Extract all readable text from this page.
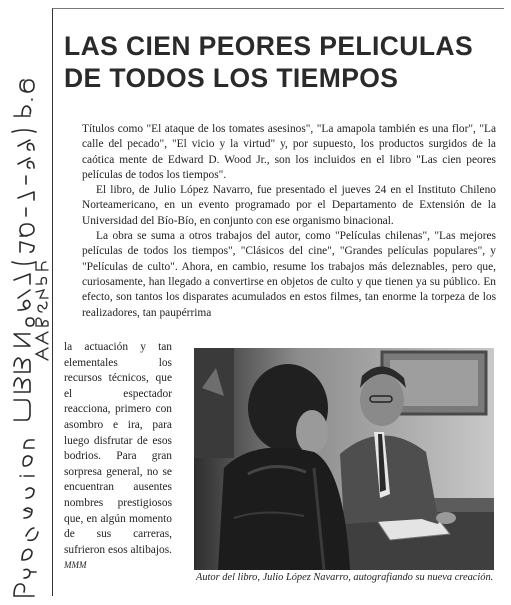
LAS CIEN PEORES PELICULAS
DE TODOS LOS TIEMPOS

Títulos como "El ataque de los tomates asesinos", "La amapola también es una flor", "La calle del pecado", "El vicio y la virtud" y, por supuesto, los productos surgidos de la caótica mente de Edward D. Wood Jr., son los incluidos en el libro "Las cien peores películas de todos los tiempos".

El libro, de Julio López Navarro, fue presentado el jueves 24 en el Instituto Chileno Norteamericano, en un evento programado por el Departamento de Extensión de la Universidad del Bío-Bío, en conjunto con ese organismo binacional.

La obra se suma a otros trabajos del autor, como "Películas chilenas", "Las mejores películas de todos los tiempos", "Clásicos del cine", "Grandes películas populares", y "Películas de culto". Ahora, en cambio, resume los trabajos más deleznables, pero que, curiosamente, han llegado a convertirse en objetos de culto y que tienen ya su público. En efecto, son tantos los disparates acumulados en estos filmes, tan enorme la torpeza de los realizadores, tan paupérrima

la actuación y tan elementales los recursos técnicos, que el espectador reacciona, primero con asombro e ira, para luego disfrutar de esos bodrios. Para gran sorpresa general, no se encuentran ausentes nombres prestigiosos que, en algún momento de sus carreras, sufrieron esos altibajos. MMM
Autor del libro, Julio López Navarro, autografiando su nueva creación.
